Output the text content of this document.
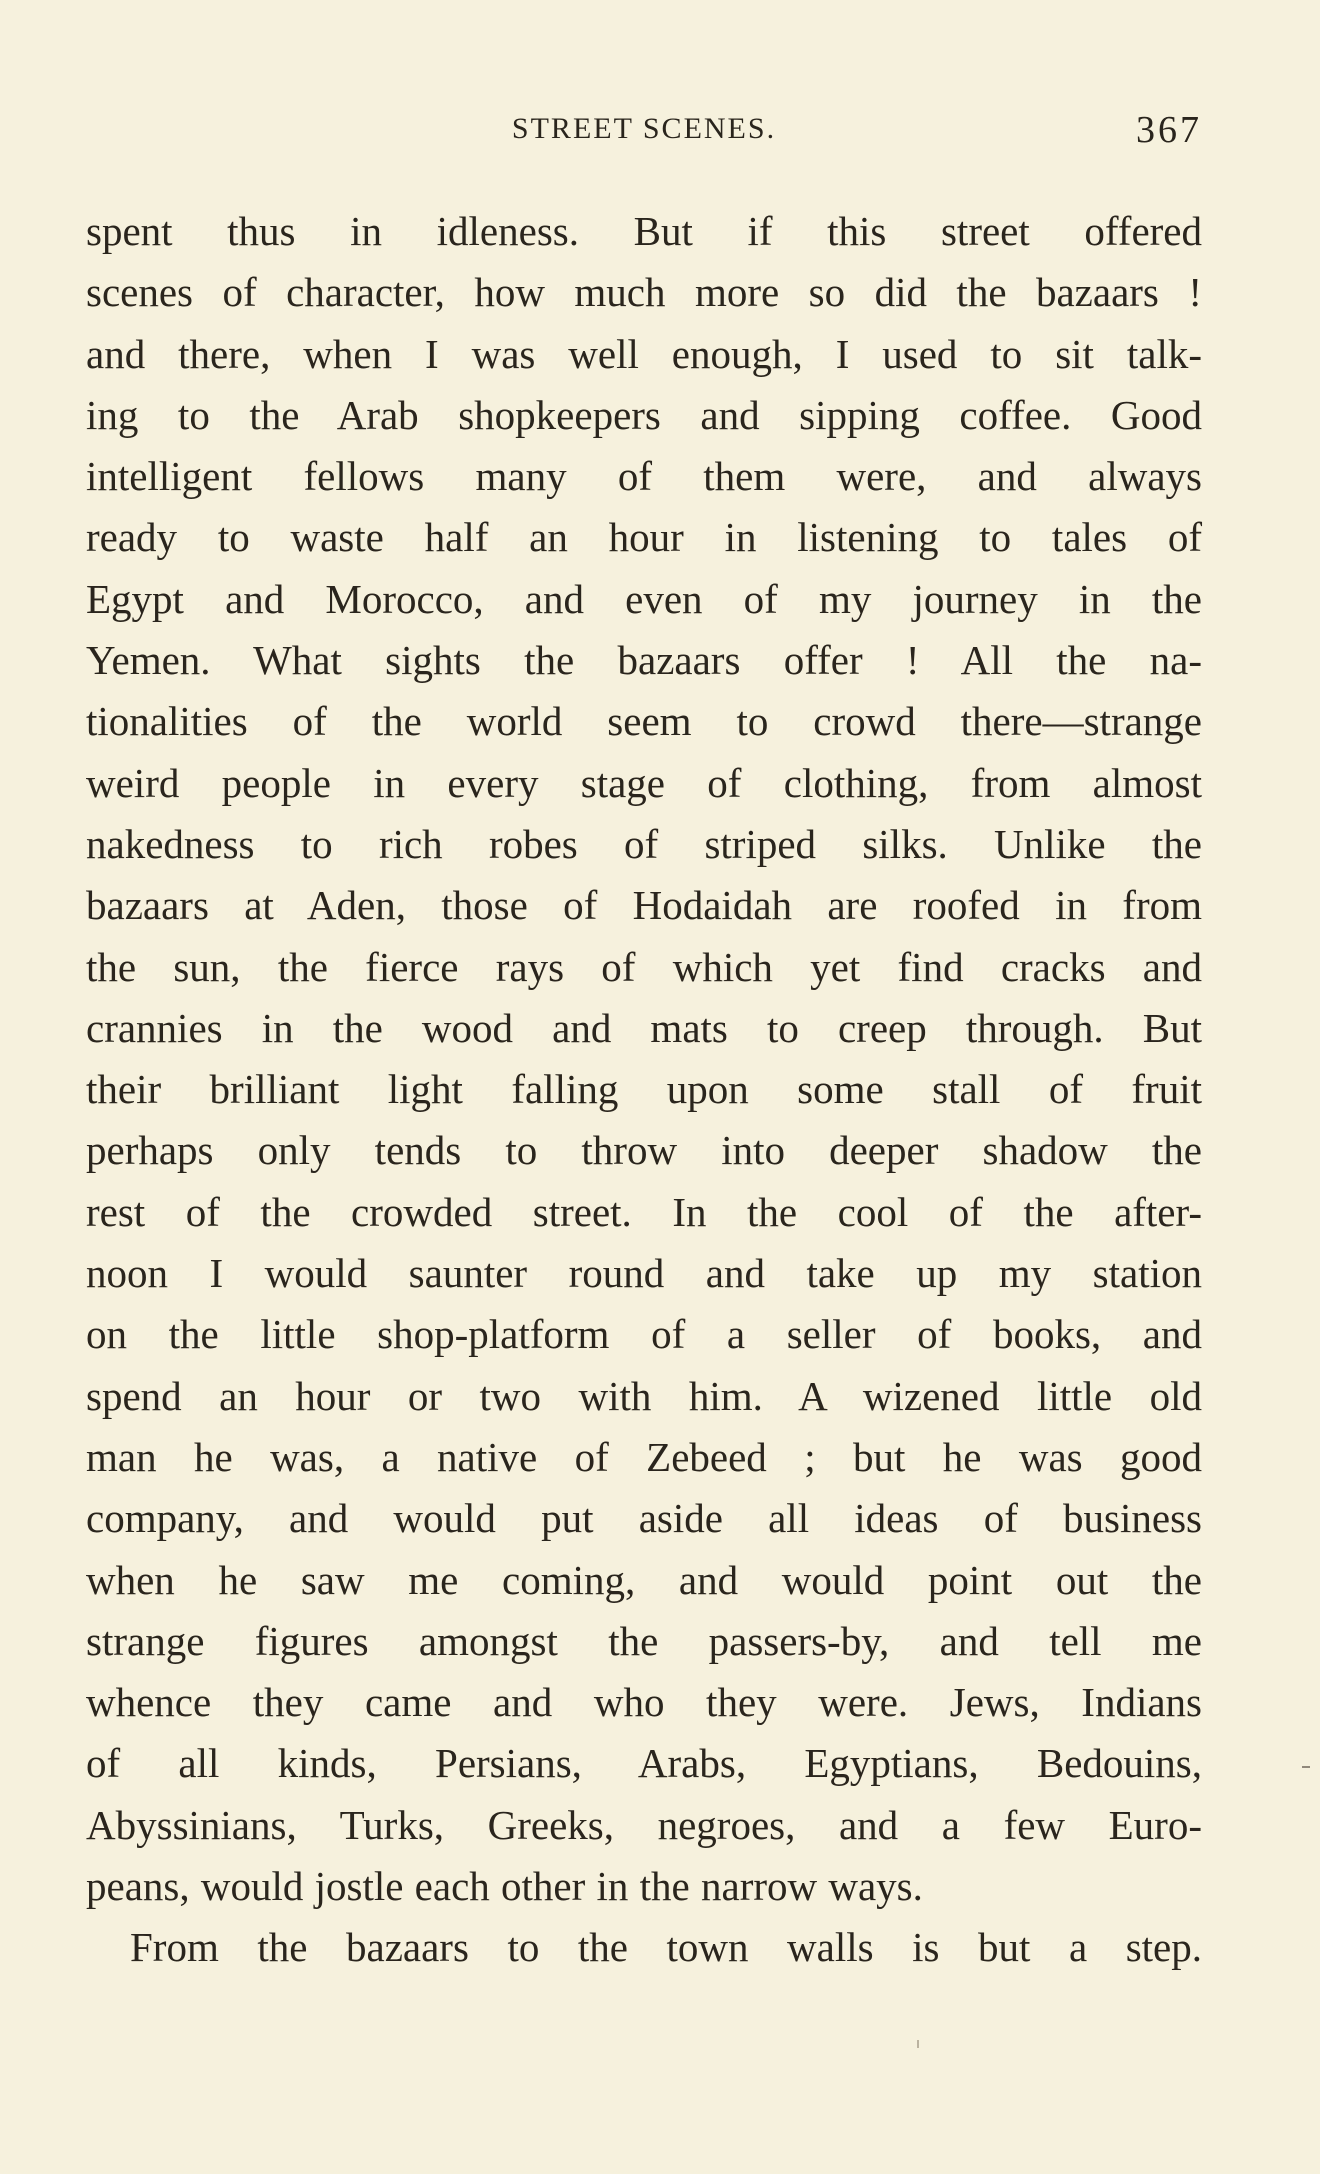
STREET SCENES.	367
spent thus in idleness. But if this street offered
scenes of character, how much more so did the bazaars !
and there, when I was well enough, I used to sit talk-
ing to the Arab shopkeepers and sipping coffee. Good
intelligent fellows many of them were, and always
ready to waste half an hour in listening to tales of
Egypt and Morocco, and even of my journey in the
Yemen. What sights the bazaars offer ! All the na-
tionalities of the world seem to crowd there—strange
weird people in every stage of clothing, from almost
nakedness to rich robes of striped silks. Unlike the
bazaars at Aden, those of Hodaidah are roofed in from
the sun, the fierce rays of which yet find cracks and
crannies in the wood and mats to creep through. But
their brilliant light falling upon some stall of fruit
perhaps only tends to throw into deeper shadow the
rest of the crowded street. In the cool of the after-
noon I would saunter round and take up my station
on the little shop-platform of a seller of books, and
spend an hour or two with him. A wizened little old
man he was, a native of Zebeed ; but he was good
company, and would put aside all ideas of business
when he saw me coming, and would point out the
strange figures amongst the passers-by, and tell me
whence they came and who they were. Jews, Indians
of all kinds, Persians, Arabs, Egyptians, Bedouins,
Abyssinians, Turks, Greeks, negroes, and a few Euro-
peans, would jostle each other in the narrow ways.
From the bazaars to the town walls is but a step.
